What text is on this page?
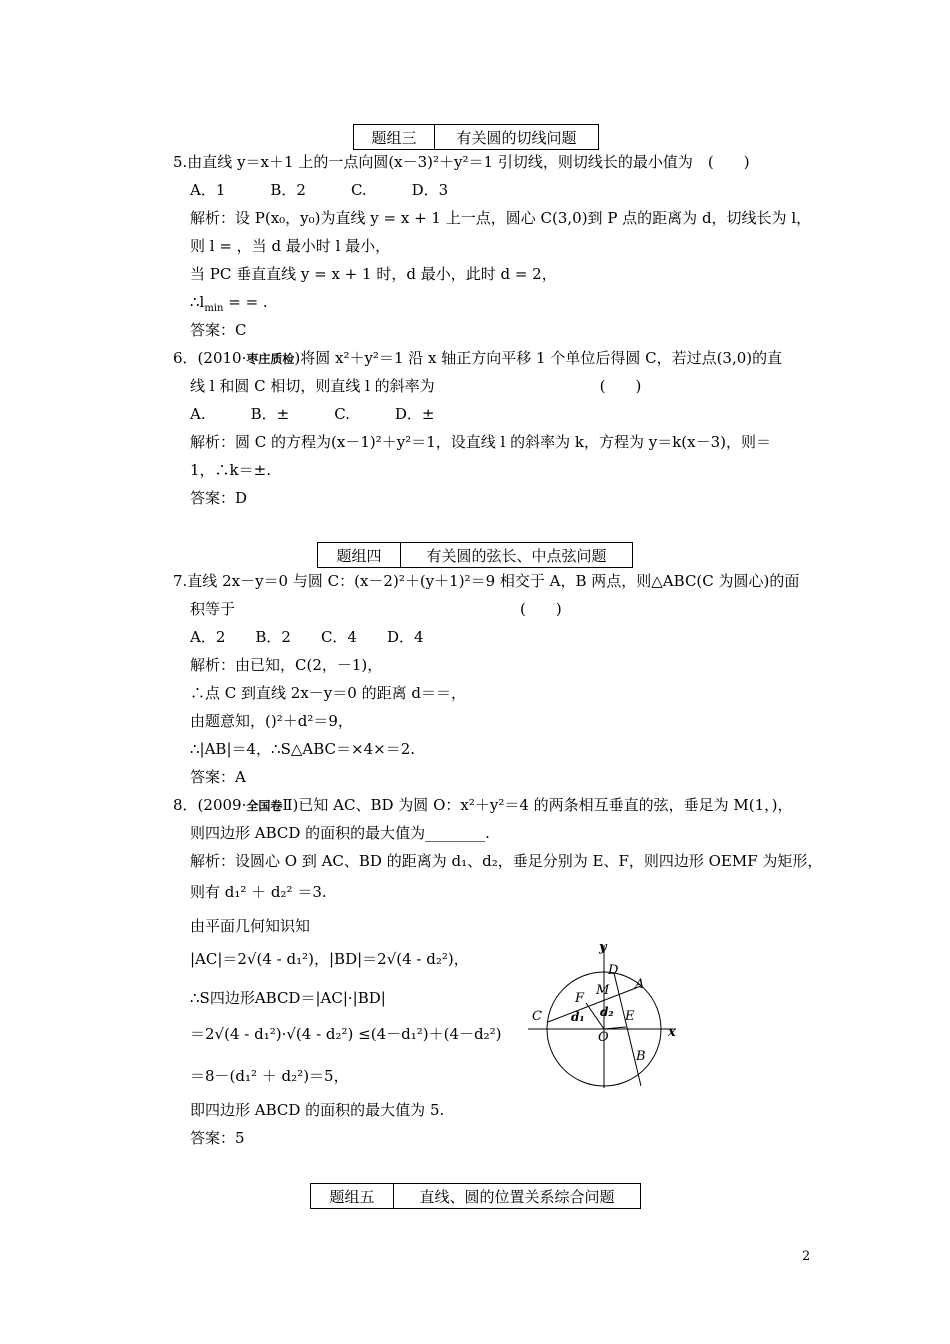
题组三	有关圆的切线问题
5.由直线 y＝x＋1 上的一点向圆(x－3)²＋y²＝1 引切线，则切线长的最小值为　(　　)
A．1　　　B．2　　　C.　　　D．3
解析：设 P(x₀，y₀)为直线 y = x + 1 上一点，圆心 C(3,0)到 P 点的距离为 d，切线长为 l，
则 l = ，当 d 最小时 l 最小，
当 PC 垂直直线 y = x + 1 时，d 最小，此时 d = 2，
$\therefore l_{min}$ = = .
答案：C
6．(2010·枣庄质检)将圆 x²＋y²＝1 沿 x 轴正方向平移 1 个单位后得圆 C，若过点(3,0)的直
线 l 和圆 C 相切，则直线 l 的斜率为　　　　　　　　　　　(　　)
A.　　　B．±　　　C.　　　D．±
解析：圆 C 的方程为(x－1)²＋y²＝1，设直线 l 的斜率为 k，方程为 y＝k(x－3)，则＝
1，∴k＝±.
答案：D
题组四	有关圆的弦长、中点弦问题
7.直线 2x－y＝0 与圆 C：(x－2)²＋(y＋1)²＝9 相交于 A，B 两点，则△ABC(C 为圆心)的面
积等于　　　　　　　　　　　　　　　　　　　(　　)
A．2　　B．2　　C．4　　D．4
解析：由已知，C(2，－1)，
∴点 C 到直线 2x－y＝0 的距离 d＝＝，
由题意知，()²＋d²＝9，
∴|AB|＝4，∴S△ABC＝×4×＝2.
答案：A
8．(2009·全国卷Ⅱ)已知 AC、BD 为圆 O：x²＋y²＝4 的两条相互垂直的弦，垂足为 M(1，)，
则四边形 ABCD 的面积的最大值为________.
解析：设圆心 O 到 AC、BD 的距离为 d₁、d₂，垂足分别为 E、F，则四边形 OEMF 为矩形，
则有 d₁² ＋ d₂² ＝3.
由平面几何知识知
|AC|＝2√(4 - d₁²)，|BD|＝2√(4 - d₂²)，
∴S四边形ABCD＝|AC|·|BD|
＝2√(4 - d₁²)·√(4 - d₂²) ≤(4－d₁²)＋(4－d₂²)
＝8－(d₁² ＋ d₂²)＝5，
即四边形 ABCD 的面积的最大值为 5.
答案：5
y
D
A
M
F
C d₁ d₂ E
x
O
B
题组五	直线、圆的位置关系综合问题
2
